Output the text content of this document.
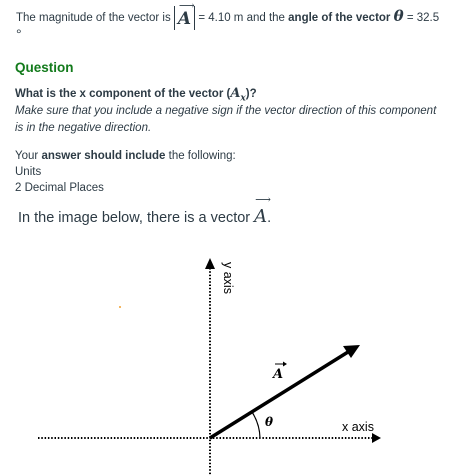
The magnitude of the vector is
⟶
A = 4.10 m and the angle of the vector θ = 32.5
°
Question
What is the x component of the vector $(A_x)$?
Make sure that you include a negative sign if the vector direction of this component is in the negative direction.
Your answer should include the following:
Units
2 Decimal Places
In the image below, there is a vector
⟶
A.
y axis
x axis
A
θ
